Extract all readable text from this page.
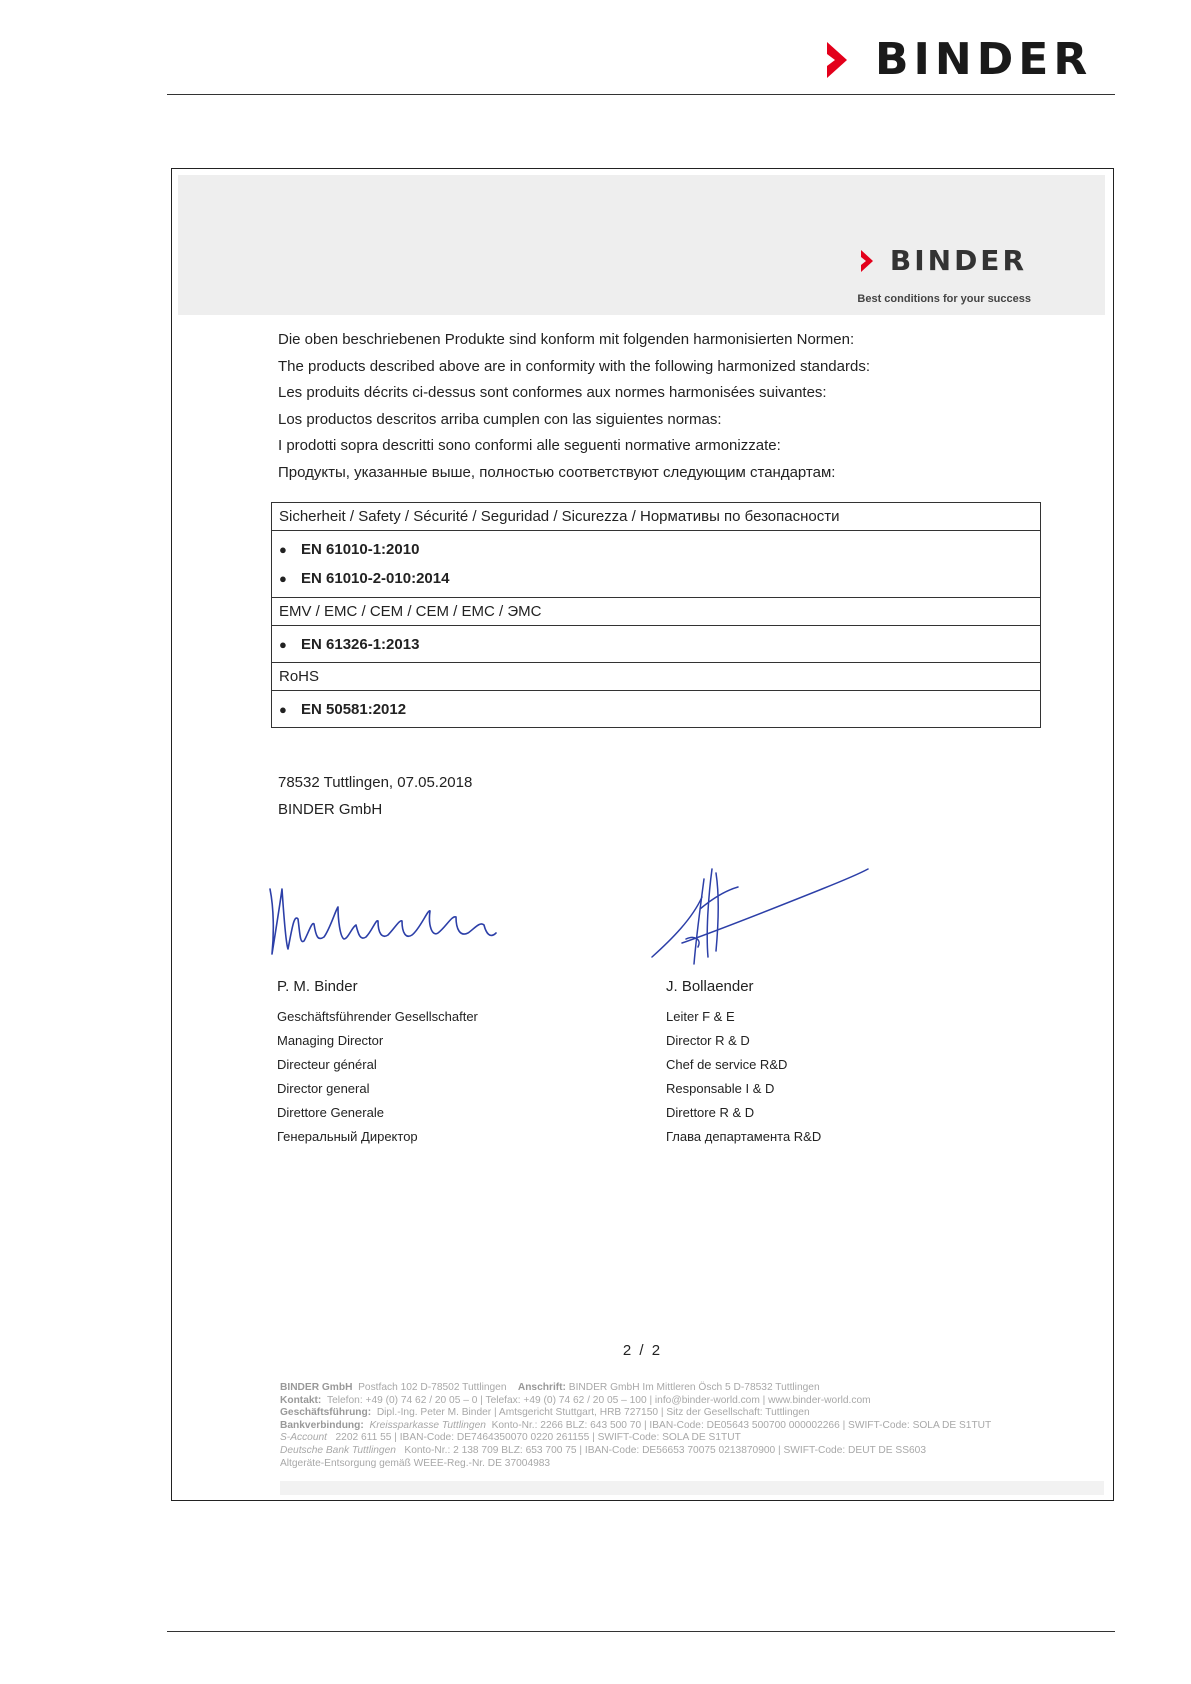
BINDER
BINDER
Best conditions for your success
Die oben beschriebenen Produkte sind konform mit folgenden harmonisierten Normen:
The products described above are in conformity with the following harmonized standards:
Les produits décrits ci-dessus sont conformes aux normes harmonisées suivantes:
Los productos descritos arriba cumplen con las siguientes normas:
I prodotti sopra descritti sono conformi alle seguenti normative armonizzate:
Продукты, указанные выше, полностью соответствуют следующим стандартам:
Sicherheit / Safety / Sécurité / Seguridad / Sicurezza / Нормативы по безопасности
● EN 61010-1:2010
● EN 61010-2-010:2014
EMV / EMC / CEM / CEM / EMC / ЭМС
● EN 61326-1:2013
RoHS
● EN 50581:2012
78532 Tuttlingen, 07.05.2018
BINDER GmbH
P. M. Binder
Geschäftsführender Gesellschafter
Managing Director
Directeur général
Director general
Direttore Generale
Генеральный Директор
J. Bollaender
Leiter F & E
Director R & D
Chef de service R&D
Responsable I & D
Direttore R & D
Глава департамента R&D
2 / 2
BINDER GmbH Postfach 102 D-78502 Tuttlingen Anschrift: BINDER GmbH Im Mittleren Ösch 5 D-78532 Tuttlingen
Kontakt: Telefon: +49 (0) 74 62 / 20 05 – 0 | Telefax: +49 (0) 74 62 / 20 05 – 100 | info@binder-world.com | www.binder-world.com
Geschäftsführung: Dipl.-Ing. Peter M. Binder | Amtsgericht Stuttgart, HRB 727150 | Sitz der Gesellschaft: Tuttlingen
Bankverbindung: Kreissparkasse Tuttlingen Konto-Nr.: 2266 BLZ: 643 500 70 | IBAN-Code: DE05643 500700 000002266 | SWIFT-Code: SOLA DE S1TUT
S-Account 2202 611 55 | IBAN-Code: DE7464350070 0220 261155 | SWIFT-Code: SOLA DE S1TUT
Deutsche Bank Tuttlingen Konto-Nr.: 2 138 709 BLZ: 653 700 75 | IBAN-Code: DE56653 70075 0213870900 | SWIFT-Code: DEUT DE SS603
Altgeräte-Entsorgung gemäß WEEE-Reg.-Nr. DE 37004983
